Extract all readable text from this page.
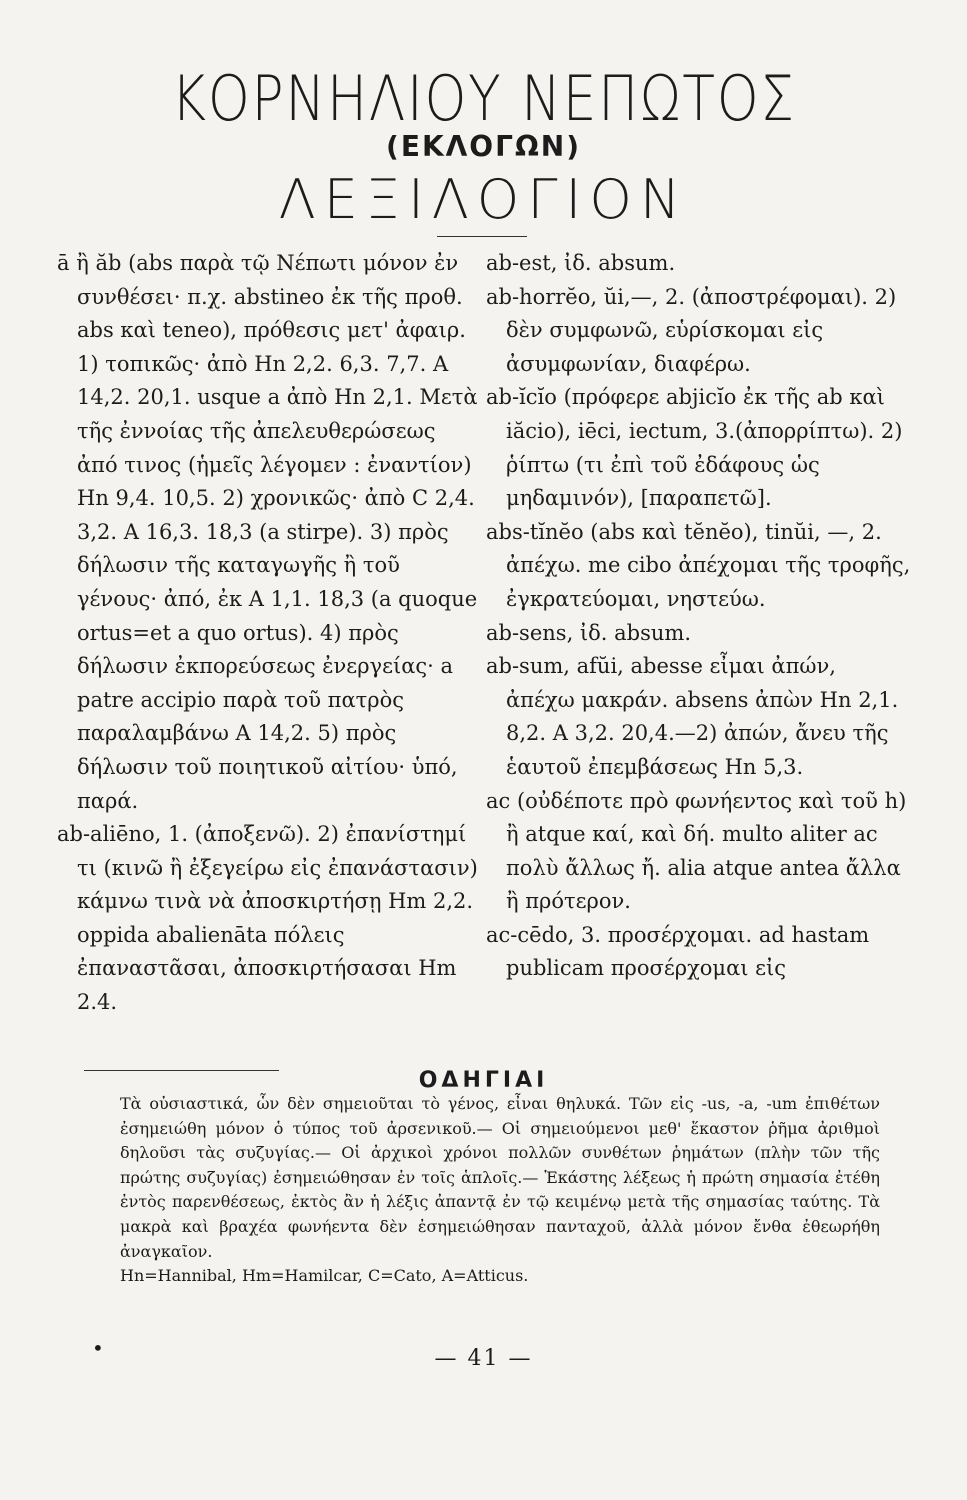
ΚΟΡΝΗΛΙΟΥ ΝΕΠΩΤΟΣ
(ΕΚΛΟΓΩΝ)
ΛΕΞΙΛΟΓΙΟΝ

ā ἢ ăb (abs παρὰ τῷ Νέπωτι μόνον ἐν συνθέσει· π.χ. abstineo ἐκ τῆς προθ. abs καὶ teneo), πρόθεσις μετ' ἀφαιρ. 1) τοπικῶς· ἀπὸ Hn 2,2. 6,3. 7,7. A 14,2. 20,1. usque a ἀπὸ Hn 2,1. Μετὰ τῆς ἐννοίας τῆς ἀπελευθερώσεως ἀπό τινος (ἡμεῖς λέγομεν : ἐναντίον) Hn 9,4. 10,5. 2) χρονικῶς· ἀπὸ C 2,4. 3,2. A 16,3. 18,3 (a stirpe). 3) πρὸς δήλωσιν τῆς καταγωγῆς ἢ τοῦ γένους· ἀπό, ἐκ A 1,1. 18,3 (a quoque ortus=et a quo ortus). 4) πρὸς δήλωσιν ἐκπορεύσεως ἐνεργείας· a patre accipio παρὰ τοῦ πατρὸς παραλαμβάνω A 14,2. 5) πρὸς δήλωσιν τοῦ ποιητικοῦ αἰτίου· ὑπό, παρά.

ab-aliēno, 1. (ἀποξενῶ). 2) ἐπανίστημί τι (κινῶ ἢ ἐξεγείρω εἰς ἐπανάστασιν) κάμνω τινὰ νὰ ἀποσκιρτήσῃ Hm 2,2. oppida abalienāta πόλεις ἐπαναστᾶσαι, ἀποσκιρτήσασαι Hm 2.4.

ab-est, ἰδ. absum.

ab-horrĕo, ŭi,—, 2. (ἀποστρέφομαι). 2) δὲν συμφωνῶ, εὑρίσκομαι εἰς ἀσυμφωνίαν, διαφέρω.

ab-ĭcĭo (πρόφερε abjicĭo ἐκ τῆς ab καὶ iăcio), iēci, iectum, 3.(ἀπορρίπτω). 2) ῥίπτω (τι ἐπὶ τοῦ ἐδάφους ὡς μηδαμινόν), [παραπετῶ].

abs-tĭnĕo (abs καὶ tĕnĕo), tinŭi, —, 2. ἀπέχω. me cibo ἀπέχομαι τῆς τροφῆς, ἐγκρατεύομαι, νηστεύω.

ab-sens, ἰδ. absum.

ab-sum, afŭi, abesse εἶμαι ἀπών, ἀπέχω μακράν. absens ἀπὼν Hn 2,1. 8,2. A 3,2. 20,4.—2) ἀπών, ἄνευ τῆς ἑαυτοῦ ἐπεμβάσεως Hn 5,3.

ac (οὐδέποτε πρὸ φωνήεντος καὶ τοῦ h) ἢ atque καί, καὶ δή. multo aliter ac πολὺ ἄλλως ἤ. alia atque antea ἄλλα ἢ πρότερον.

ac-cēdo, 3. προσέρχομαι. ad hastam publicam προσέρχομαι εἰς

ΟΔΗΓΙΑΙ

Τὰ οὐσιαστικά, ὧν δὲν σημειοῦται τὸ γένος, εἶναι θηλυκά. Τῶν εἰς -us, -a, -um ἐπιθέτων ἐσημειώθη μόνον ὁ τύπος τοῦ ἀρσενικοῦ.— Οἱ σημειούμενοι μεθ' ἕκαστον ῥῆμα ἀριθμοὶ δηλοῦσι τὰς συζυγίας.— Οἱ ἀρχικοὶ χρόνοι πολλῶν συνθέτων ῥημάτων (πλὴν τῶν τῆς πρώτης συζυγίας) ἐσημειώθησαν ἐν τοῖς ἁπλοῖς.— Ἑκάστης λέξεως ἡ πρώτη σημασία ἐτέθη ἐντὸς παρενθέσεως, ἐκτὸς ἂν ἡ λέξις ἀπαντᾷ ἐν τῷ κειμένῳ μετὰ τῆς σημασίας ταύτης. Τὰ μακρὰ καὶ βραχέα φωνήεντα δὲν ἐσημειώθησαν πανταχοῦ, ἀλλὰ μόνον ἔνθα ἐθεωρήθη ἀναγκαῖον.

Hn=Hannibal, Hm=Hamilcar, C=Cato, A=Atticus.

•	— 41 —
